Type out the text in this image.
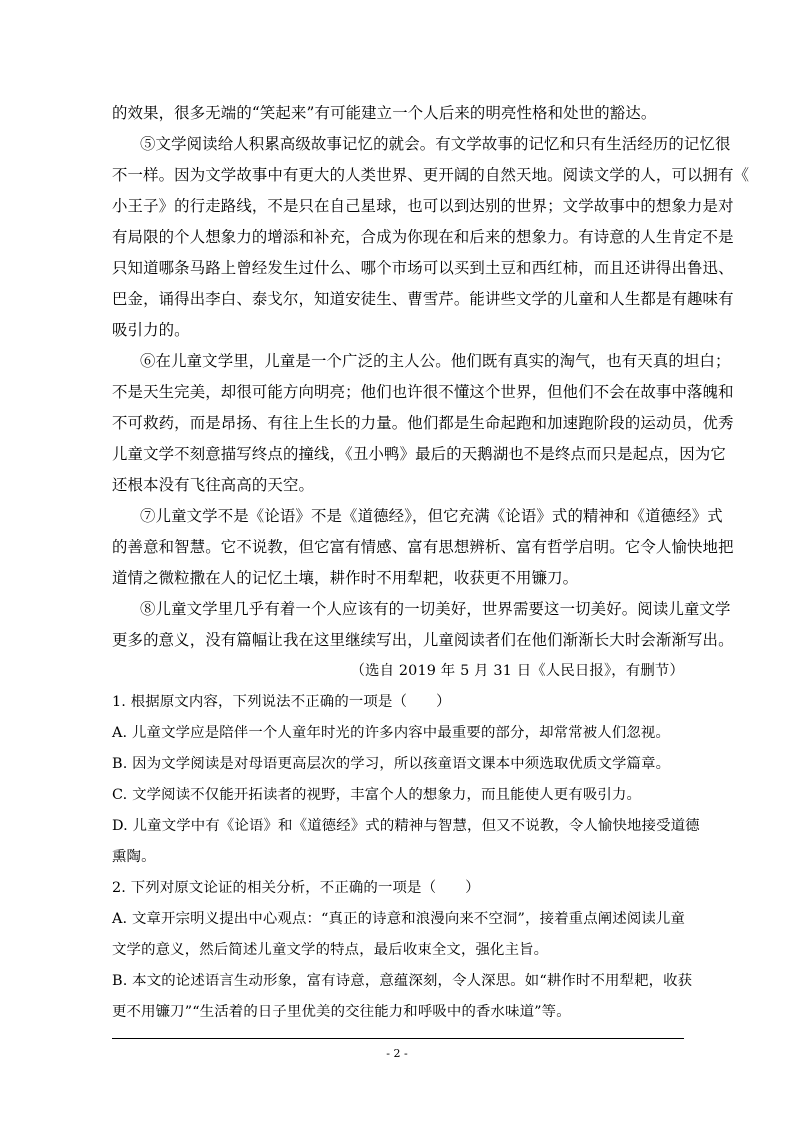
的效果，很多无端的“笑起来”有可能建立一个人后来的明亮性格和处世的豁达。
⑤文学阅读给人积累高级故事记忆的就会。有文学故事的记忆和只有生活经历的记忆很
不一样。因为文学故事中有更大的人类世界、更开阔的自然天地。阅读文学的人，可以拥有《
小王子》的行走路线，不是只在自己星球，也可以到达别的世界；文学故事中的想象力是对
有局限的个人想象力的增添和补充，合成为你现在和后来的想象力。有诗意的人生肯定不是
只知道哪条马路上曾经发生过什么、哪个市场可以买到土豆和西红柿，而且还讲得出鲁迅、
巴金，诵得出李白、泰戈尔，知道安徒生、曹雪芹。能讲些文学的儿童和人生都是有趣味有
吸引力的。
⑥在儿童文学里，儿童是一个广泛的主人公。他们既有真实的淘气，也有天真的坦白；
不是天生完美，却很可能方向明亮；他们也许很不懂这个世界，但他们不会在故事中落魄和
不可救药，而是昂扬、有往上生长的力量。他们都是生命起跑和加速跑阶段的运动员，优秀
儿童文学不刻意描写终点的撞线，《丑小鸭》最后的天鹅湖也不是终点而只是起点，因为它
还根本没有飞往高高的天空。
⑦儿童文学不是《论语》不是《道德经》，但它充满《论语》式的精神和《道德经》式
的善意和智慧。它不说教，但它富有情感、富有思想辨析、富有哲学启明。它令人愉快地把
道情之微粒撒在人的记忆土壤，耕作时不用犁耙，收获更不用镰刀。
⑧儿童文学里几乎有着一个人应该有的一切美好，世界需要这一切美好。阅读儿童文学
更多的意义，没有篇幅让我在这里继续写出，儿童阅读者们在他们渐渐长大时会渐渐写出。
（选自 2019 年 5 月 31 日《人民日报》，有删节）
1. 根据原文内容，下列说法不正确的一项是（　　）
A. 儿童文学应是陪伴一个人童年时光的许多内容中最重要的部分，却常常被人们忽视。
B. 因为文学阅读是对母语更高层次的学习，所以孩童语文课本中须选取优质文学篇章。
C. 文学阅读不仅能开拓读者的视野，丰富个人的想象力，而且能使人更有吸引力。
D. 儿童文学中有《论语》和《道德经》式的精神与智慧，但又不说教，令人愉快地接受道德
熏陶。
2. 下列对原文论证的相关分析，不正确的一项是（　　）
A. 文章开宗明义提出中心观点：“真正的诗意和浪漫向来不空洞”，接着重点阐述阅读儿童
文学的意义，然后简述儿童文学的特点，最后收束全文，强化主旨。
B. 本文的论述语言生动形象，富有诗意，意蕴深刻，令人深思。如“耕作时不用犁耙，收获
更不用镰刀”“生活着的日子里优美的交往能力和呼吸中的香水味道”等。
- 2 -
